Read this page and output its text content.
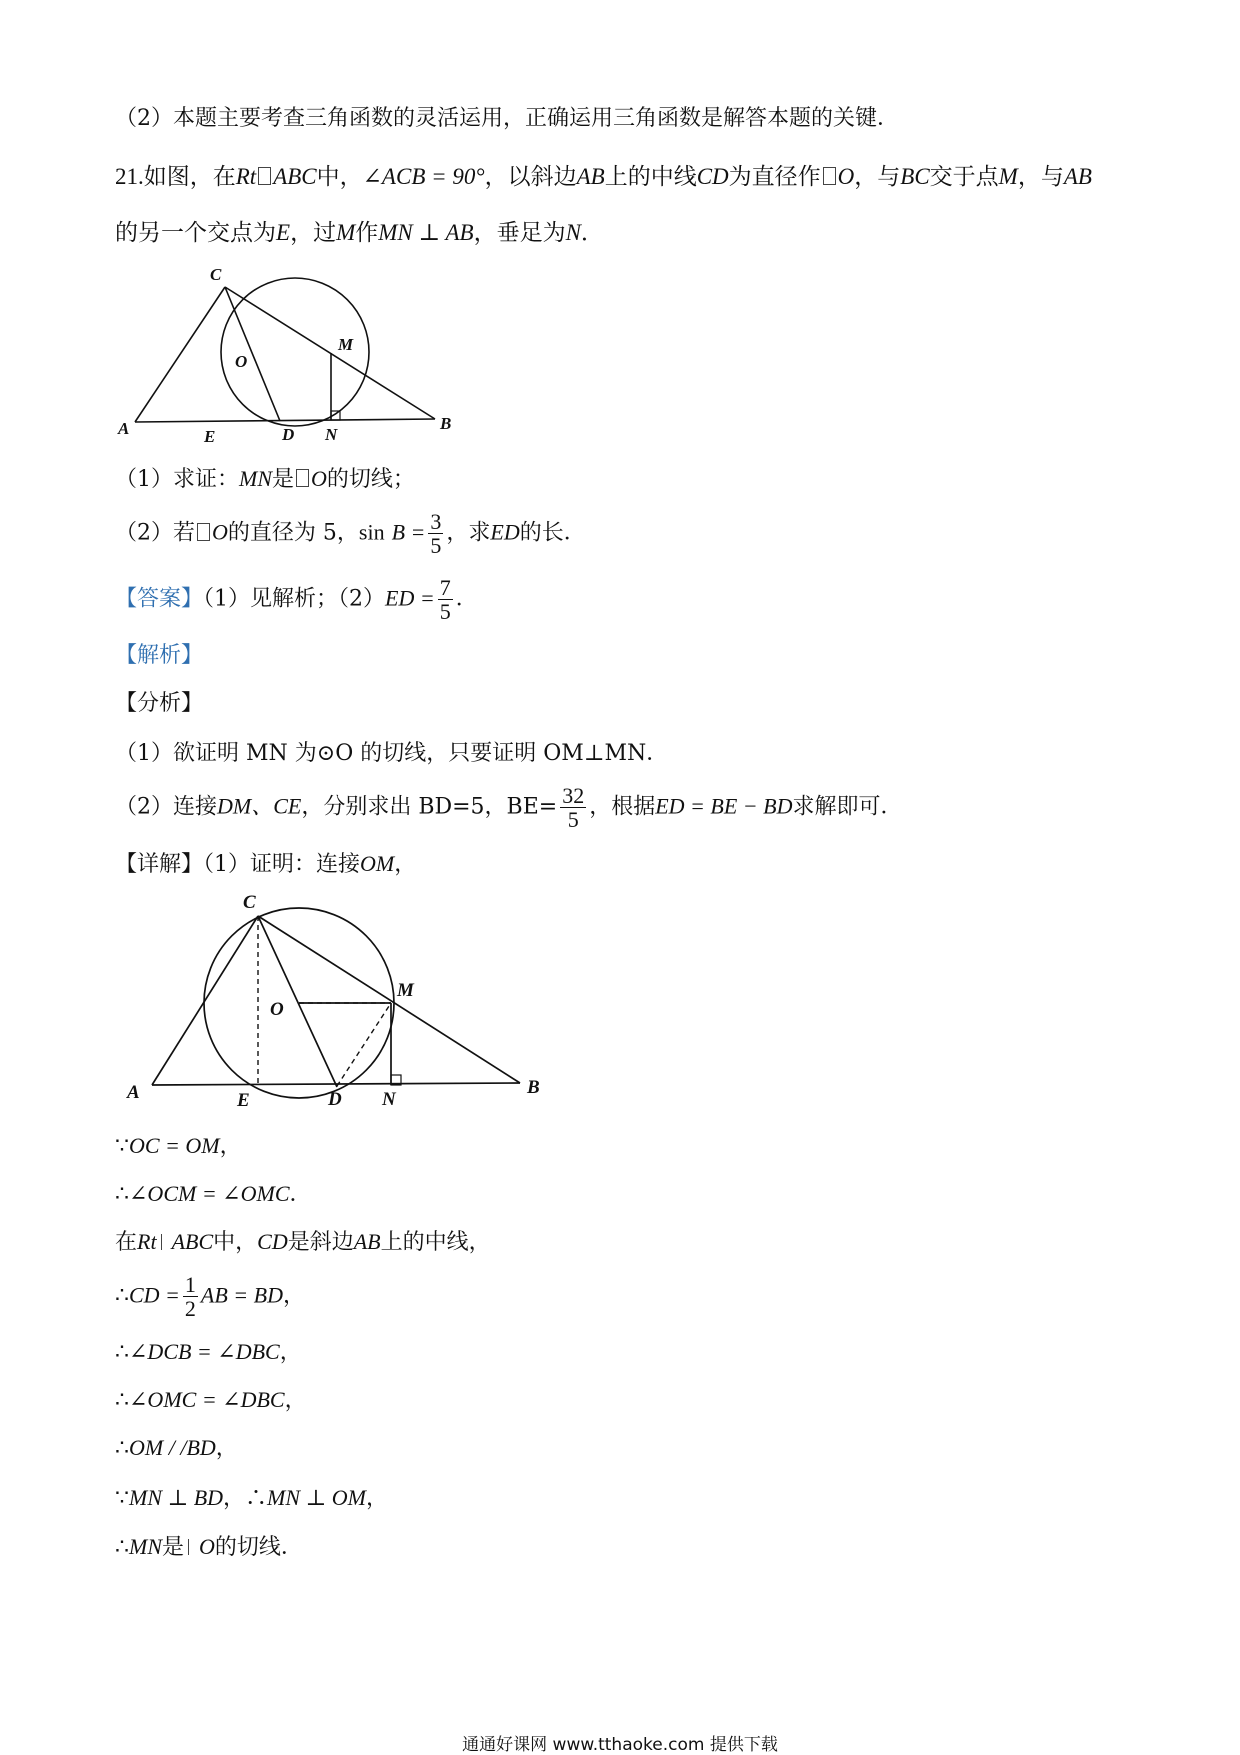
（2）本题主要考查三角函数的灵活运用，正确运用三角函数是解答本题的关键．
21.如图，在Rt ABC中，∠ACB = 90°，以斜边AB上的中线CD为直径作 O，与BC交于点M，与AB
的另一个交点为E，过M作MN ⊥ AB，垂足为N．
C
O
M
A	E	D N
B
（1）求证：MN是 O的切线；
（2）若 O的直径为 5，$\sin B = \frac{3}{5}$ ，求ED的长．
【答案】（1）见解析；$(2)ED = \frac{7}{5}$ ．
【解析】
【分析】
（1）欲证明 MN 为⊙O 的切线，只要证明 OM⊥MN．
（2）连接DM、CE，分别求出 BD=5，$BE= \frac{32}{5}$ ，根据ED = BE − BD求解即可．
【详解】（1）证明：连接OM，
C
O
M
A	E	D N
B
∵OC = OM，
∴∠OCM = ∠OMC．
在Rt ABC中，CD是斜边AB上的中线，
∴CD = $\frac{1}{2}$ AB = BD，
∴∠DCB = ∠DBC，
∴∠OMC = ∠DBC，
∴OM / /BD，
∵MN ⊥ BD，∴MN ⊥ OM，
∴MN是 O的切线．
通通好课网 www.tthaoke.com 提供下载
